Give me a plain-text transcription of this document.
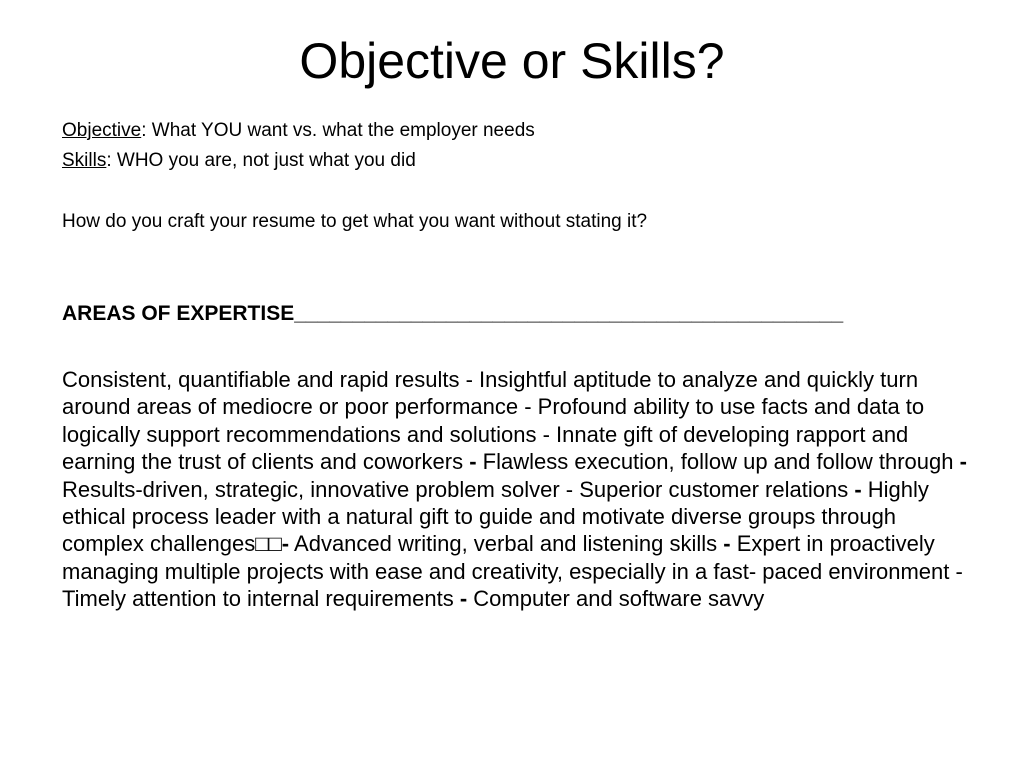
Objective or Skills?

Objective: What YOU want vs. what the employer needs

Skills: WHO you are, not just what you did

How do you craft your resume to get what you want without stating it?

AREAS OF EXPERTISE_______________________________________________

Consistent, quantifiable and rapid results - Insightful aptitude to analyze and quickly turn around areas of mediocre or poor performance - Profound ability to use facts and data to logically support recommendations and solutions - Innate gift of developing rapport and earning the trust of clients and coworkers - Flawless execution, follow up and follow through - Results-driven, strategic, innovative problem solver - Superior customer relations - Highly ethical process leader with a natural gift to guide and motivate diverse groups through complex challenges□□- Advanced writing, verbal and listening skills - Expert in proactively managing multiple projects with ease and creativity, especially in a fast- paced environment -Timely attention to internal requirements - Computer and software savvy
